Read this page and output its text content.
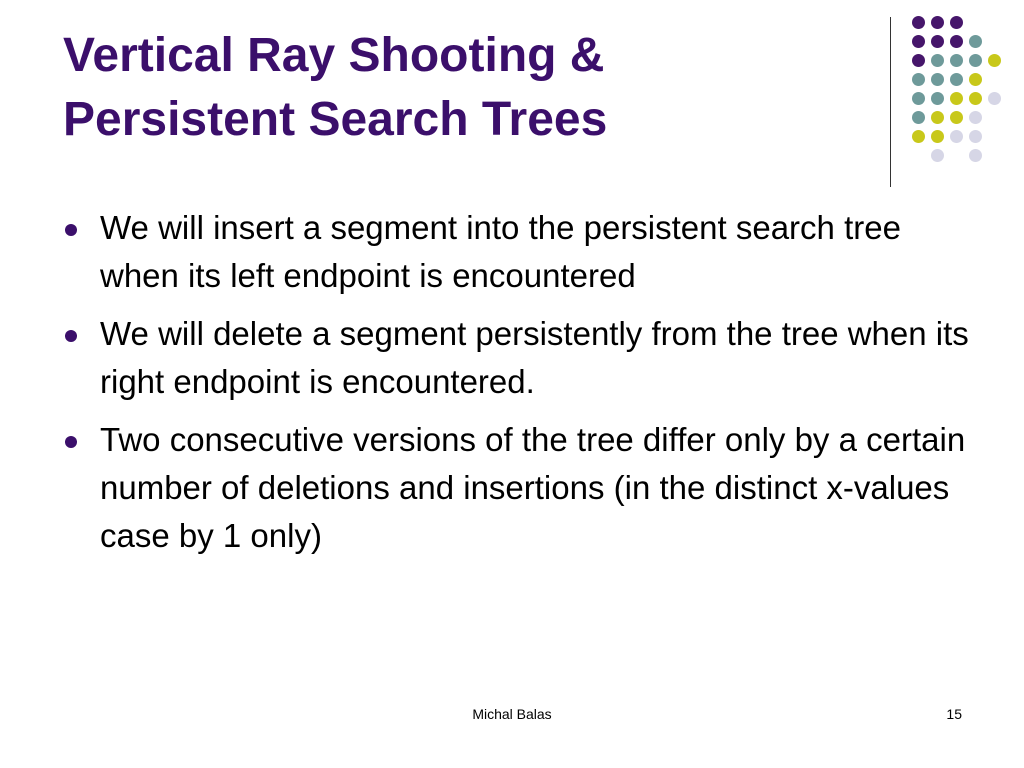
Vertical Ray Shooting &
Persistent Search Trees
We will insert a segment into the persistent search tree when its left endpoint is encountered
We will delete a segment persistently from the tree when its right endpoint is encountered.
Two consecutive versions of the tree differ only by a certain number of deletions and insertions (in the distinct x-values case by 1 only)
Michal Balas	15
